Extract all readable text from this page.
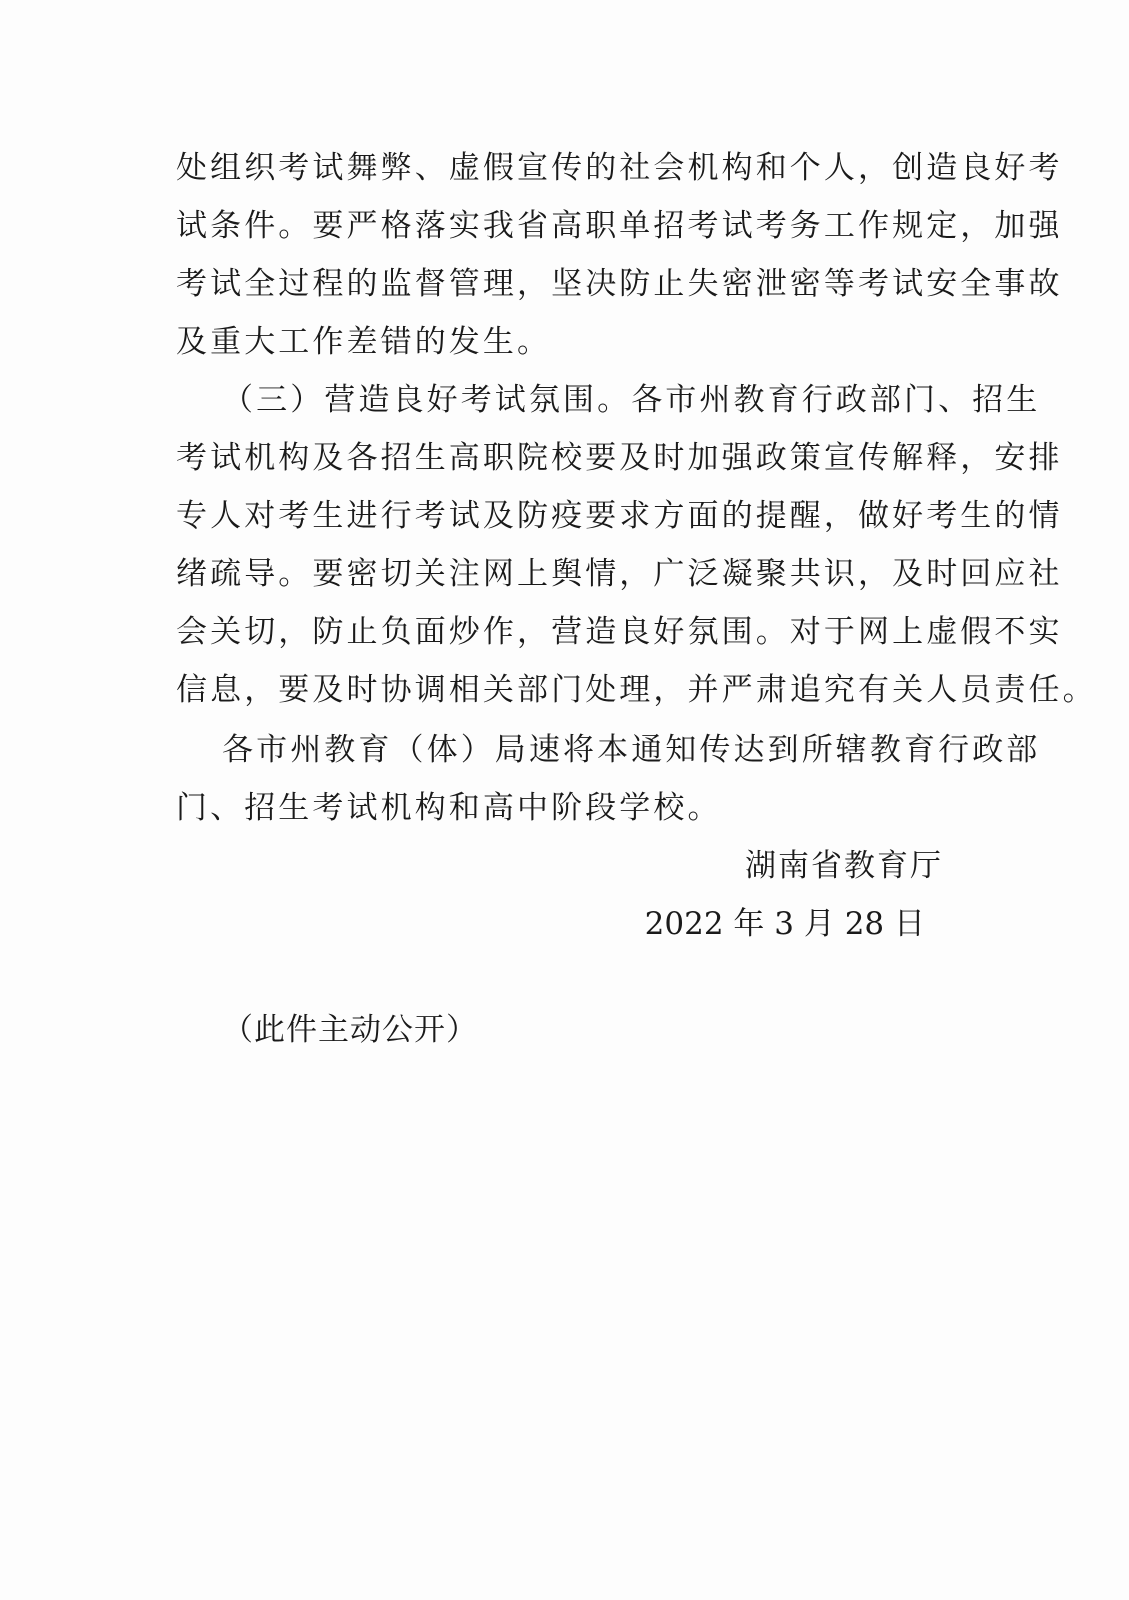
处组织考试舞弊、虚假宣传的社会机构和个人，创造良好考
试条件。要严格落实我省高职单招考试考务工作规定，加强
考试全过程的监督管理，坚决防止失密泄密等考试安全事故
及重大工作差错的发生。
（三）营造良好考试氛围。各市州教育行政部门、招生
考试机构及各招生高职院校要及时加强政策宣传解释，安排
专人对考生进行考试及防疫要求方面的提醒，做好考生的情
绪疏导。要密切关注网上舆情，广泛凝聚共识，及时回应社
会关切，防止负面炒作，营造良好氛围。对于网上虚假不实
信息，要及时协调相关部门处理，并严肃追究有关人员责任。
各市州教育（体）局速将本通知传达到所辖教育行政部
门、招生考试机构和高中阶段学校。
湖南省教育厅
2022 年 3 月 28 日
（此件主动公开）
